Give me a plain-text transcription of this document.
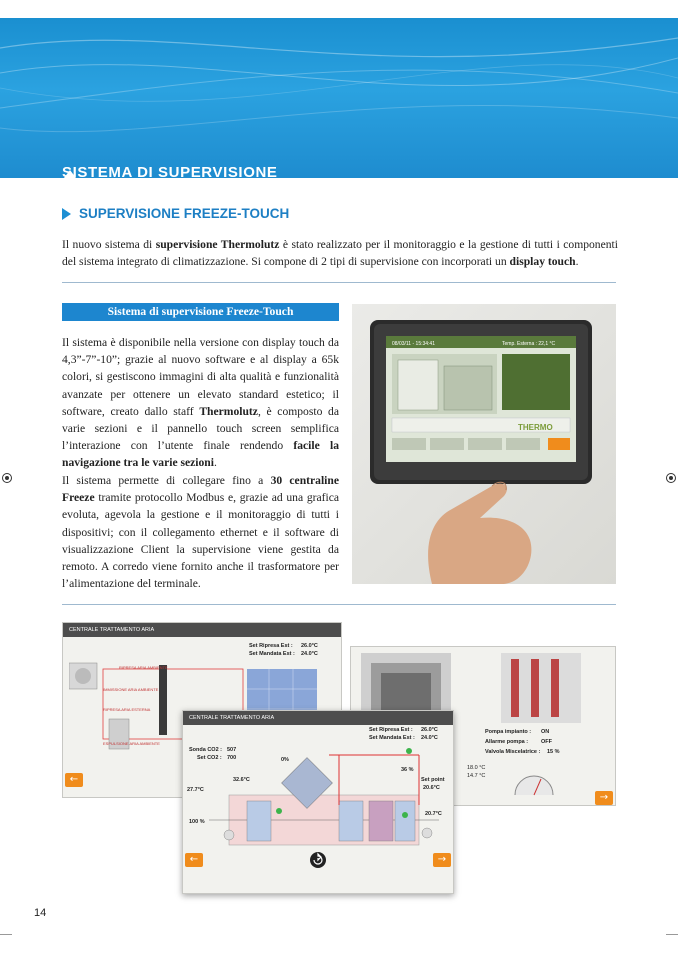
SISTEMA DI SUPERVISIONE
SUPERVISIONE FREEZE-TOUCH

Il nuovo sistema di supervisione Thermolutz è stato realizzato per il monitoraggio e la gestione di tutti i componenti del sistema integrato di climatizzazione. Si compone di 2 tipi di supervisione con incorporati un display touch.

Sistema di supervisione Freeze-Touch

Il sistema è disponibile nella versione con display touch da 4,3”-7”-10”; grazie al nuovo software e al display a 65k colori, si gestiscono immagini di alta qualità e funzionalità avanzate per ottenere un elevato standard estetico; il software, creato dallo staff Thermolutz, è composto da varie sezioni e il pannello touch screen semplifica l’interazione con l’utente finale rendendo facile la navigazione tra le varie sezioni.

Il sistema permette di collegare fino a 30 centraline Freeze tramite protocollo Modbus e, grazie ad una grafica evoluta, agevola la gestione e il monitoraggio di tutti i dispositivi; con il collegamento ethernet e il software di visualizzazione Client la supervisione viene gestita da remoto. A corredo viene fornito anche il trasformatore per l’alimentazione del terminale.

08/03/11 - 15:34:41	Temp. Esterna : 22,1 °C
THERMO
CENTRALE TRATTAMENTO ARIA
Set Ripresa Est : 26.0°C
Set Mandata Est : 24.0°C
RIPRESA ARIA AMBIENTE
IMMISSIONE ARIA AMBIENTE
RIPRESA ARIA ESTERNA
ESPULSIONE ARIA AMBIENTE
←
Pompa impianto : ON
Allarme pompa : OFF
Valvola Miscelatrice : 15 %
18.0 °C
14.7 °C
→
CENTRALE TRATTAMENTO ARIA
Set Ripresa Est : 26.0°C
Set Mandata Est : 24.0°C
Sonda CO2 : 507
Set CO2 : 700
32.6°C
27.7°C
20.7°C
20.6°C
Set point
0%
36 %
100 %
←	→
14
